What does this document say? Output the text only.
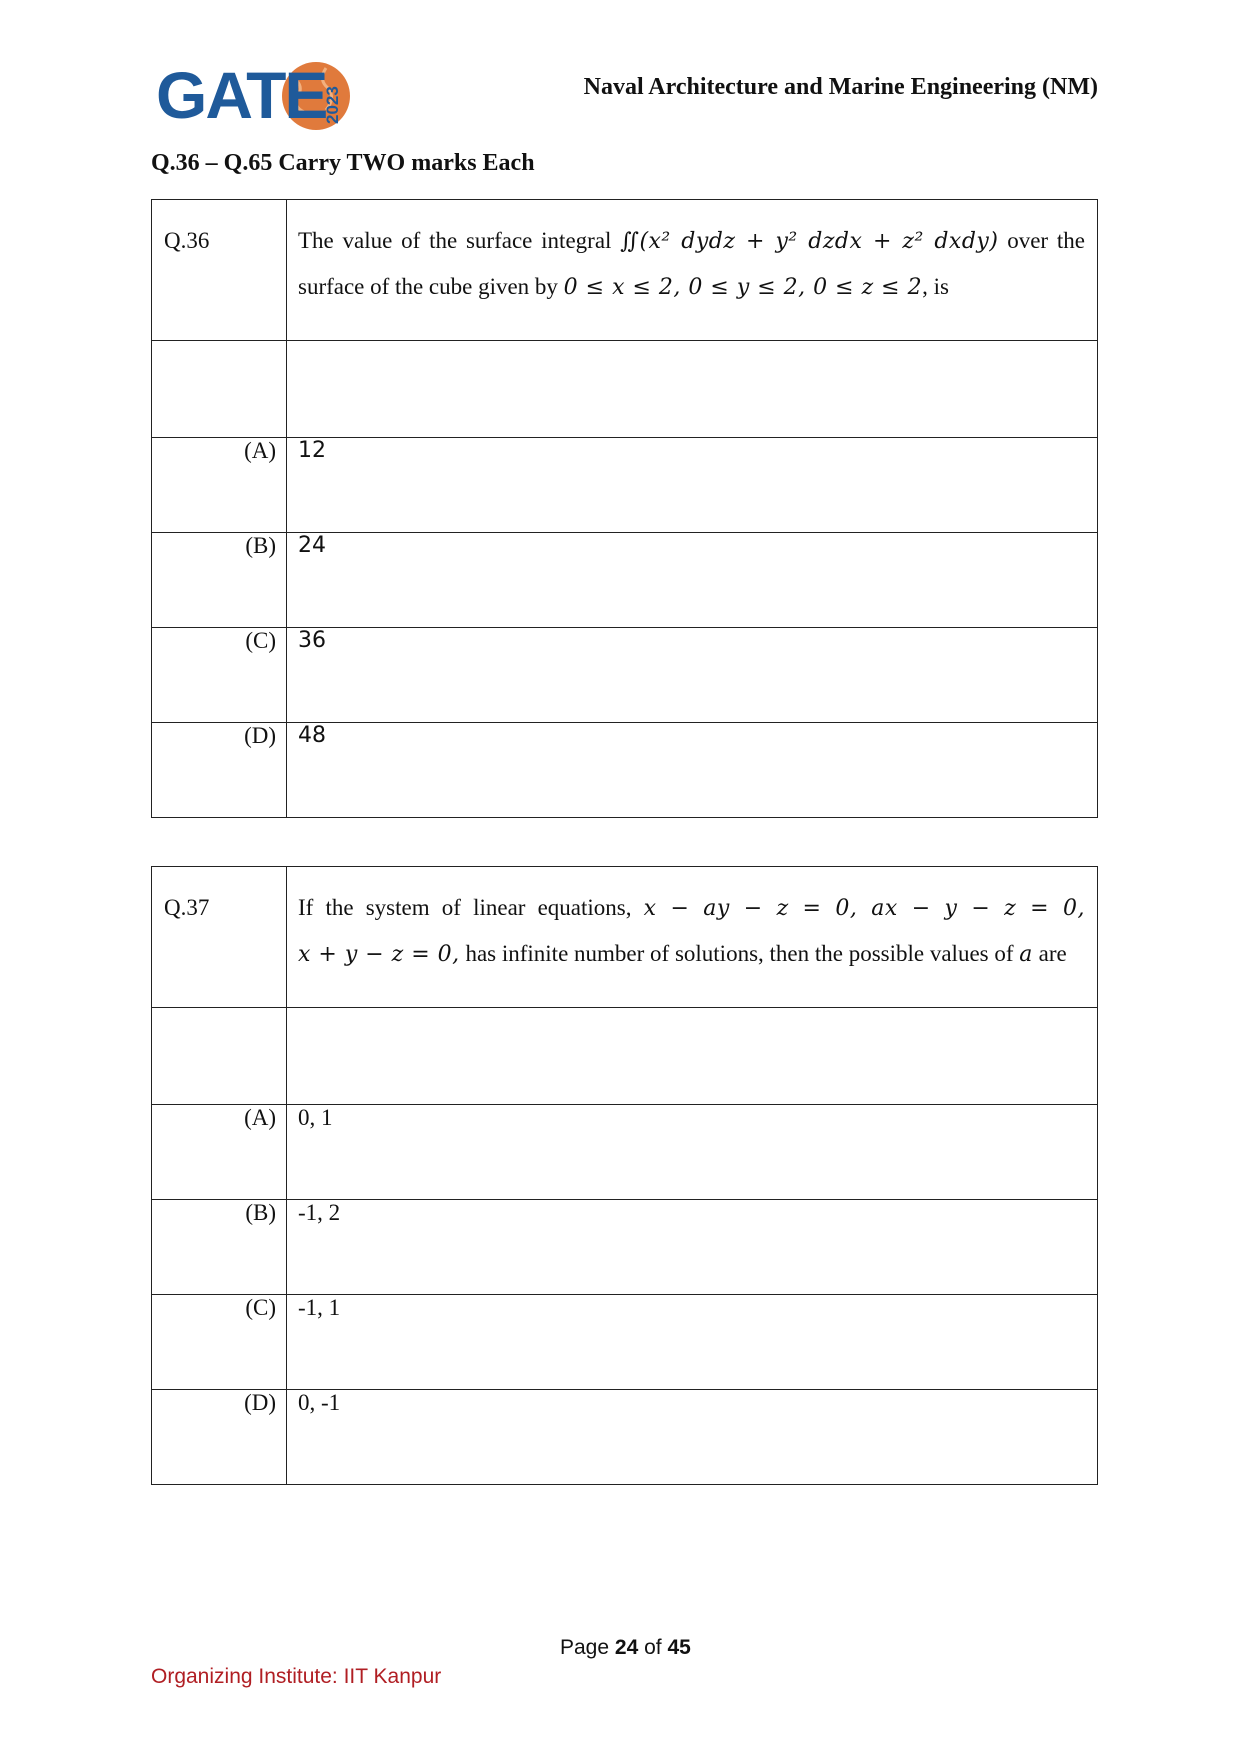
GATE
2023	Naval Architecture and Marine Engineering (NM)
Q.36 – Q.65 Carry TWO marks Each
Q.36	The value of the surface integral ∬(x² dydz + y² dzdx + z² dxdy) over the surface of the cube given by 0 ≤ x ≤ 2, 0 ≤ y ≤ 2, 0 ≤ z ≤ 2, is

(A)	12
(B)	24
(C)	36
(D)	48
Q.37	If the system of linear equations, x − ay − z = 0, ax − y − z = 0,
x + y − z = 0, has infinite number of solutions, then the possible values of a are

(A)	0, 1
(B)	-1, 2
(C)	-1, 1
(D)	0, -1
Page 24 of 45
Organizing Institute: IIT Kanpur
